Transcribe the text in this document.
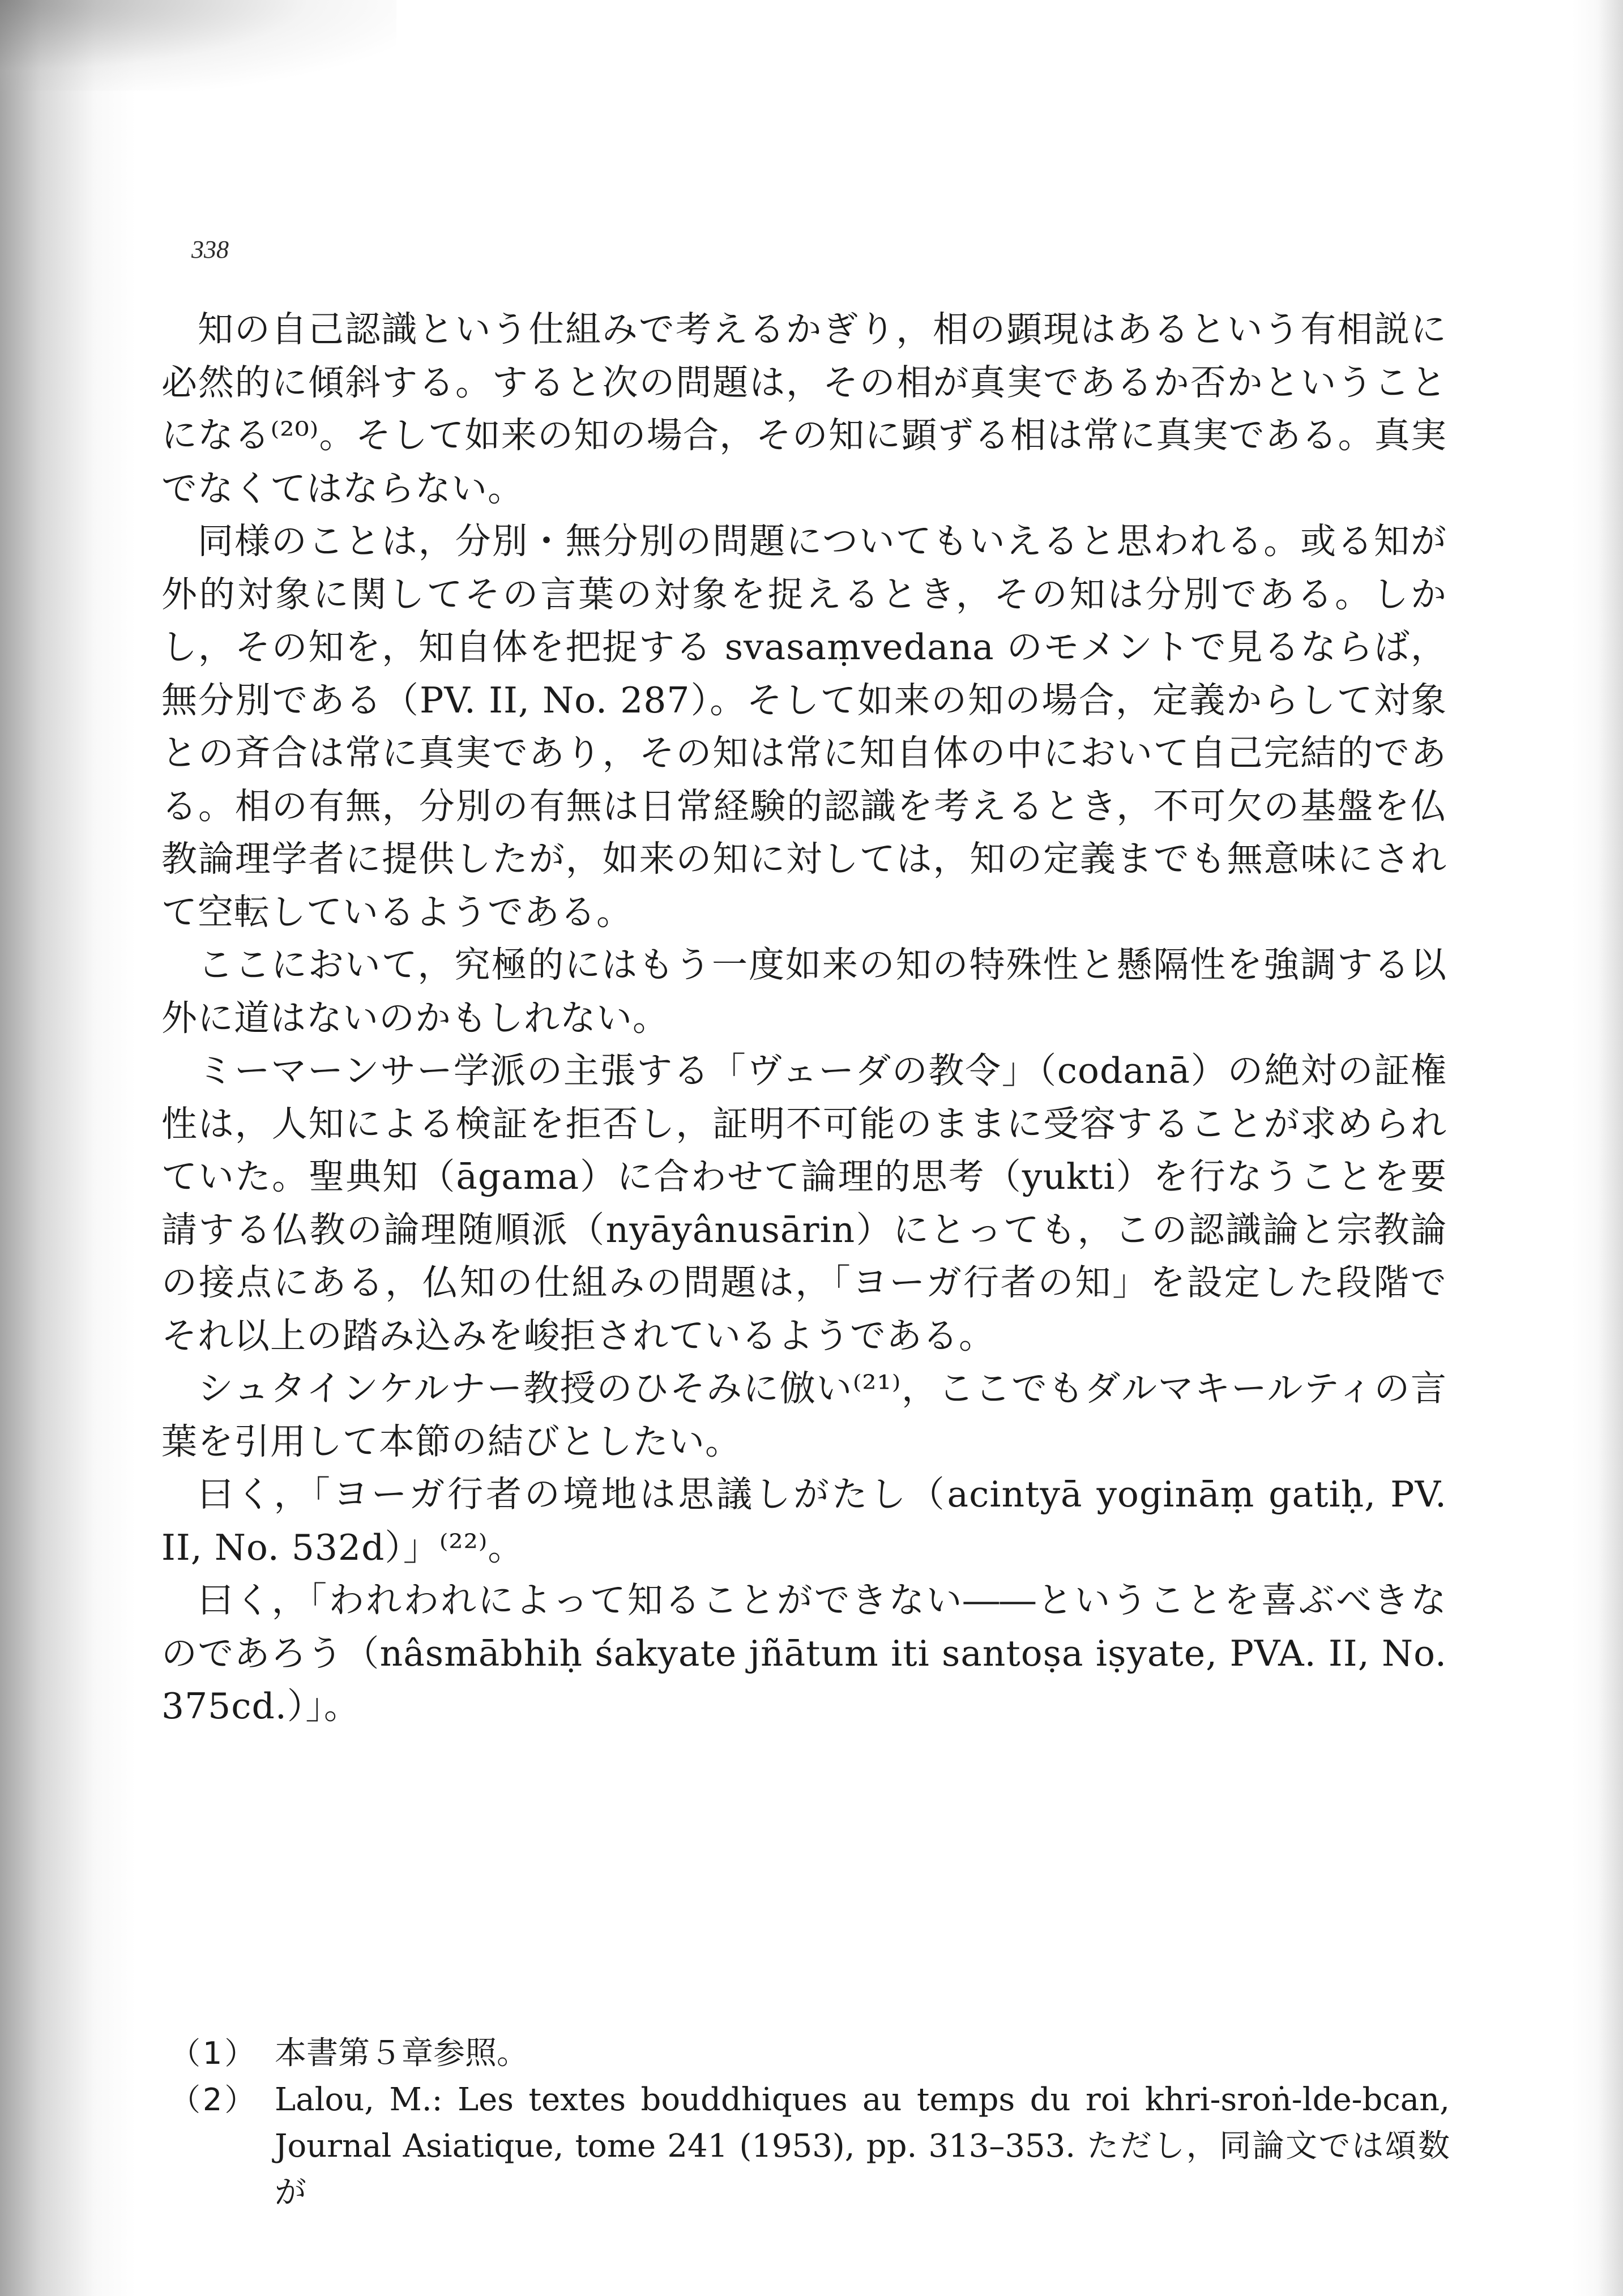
338

知の自己認識という仕組みで考えるかぎり，相の顕現はあるという有相説に必然的に傾斜する。すると次の問題は，その相が真実であるか否かということになる⁽²⁰⁾。そして如来の知の場合，その知に顕ずる相は常に真実である。真実でなくてはならない。

同様のことは，分別・無分別の問題についてもいえると思われる。或る知が外的対象に関してその言葉の対象を捉えるとき，その知は分別である。しかし，その知を，知自体を把捉する svasaṃvedana のモメントで見るならば，無分別である（PV. II, No. 287）。そして如来の知の場合，定義からして対象との斉合は常に真実であり，その知は常に知自体の中において自己完結的である。相の有無，分別の有無は日常経験的認識を考えるとき，不可欠の基盤を仏教論理学者に提供したが，如来の知に対しては，知の定義までも無意味にされて空転しているようである。

ここにおいて，究極的にはもう一度如来の知の特殊性と懸隔性を強調する以外に道はないのかもしれない。

ミーマーンサー学派の主張する「ヴェーダの教令」（codanā）の絶対の証権性は，人知による検証を拒否し，証明不可能のままに受容することが求められていた。聖典知（āgama）に合わせて論理的思考（yukti）を行なうことを要請する仏教の論理随順派（nyāyânusārin）にとっても，この認識論と宗教論の接点にある，仏知の仕組みの問題は，「ヨーガ行者の知」を設定した段階でそれ以上の踏み込みを峻拒されているようである。

シュタインケルナー教授のひそみに倣い⁽²¹⁾，ここでもダルマキールティの言葉を引用して本節の結びとしたい。

曰く，「ヨーガ行者の境地は思議しがたし（acintyā yogināṃ gatiḥ, PV. II, No. 532d）」⁽²²⁾。

曰く，「われわれによって知ることができない――ということを喜ぶべきなのであろう（nâsmābhiḥ śakyate jñātum iti santoṣa iṣyate, PVA. II, No. 375cd.）」。

（1） 本書第５章参照。
（2） Lalou, M.: Les textes bouddhiques au temps du roi khri-sroṅ-lde-bcan, Journal Asiatique, tome 241 (1953), pp. 313–353. ただし，同論文では頌数が
